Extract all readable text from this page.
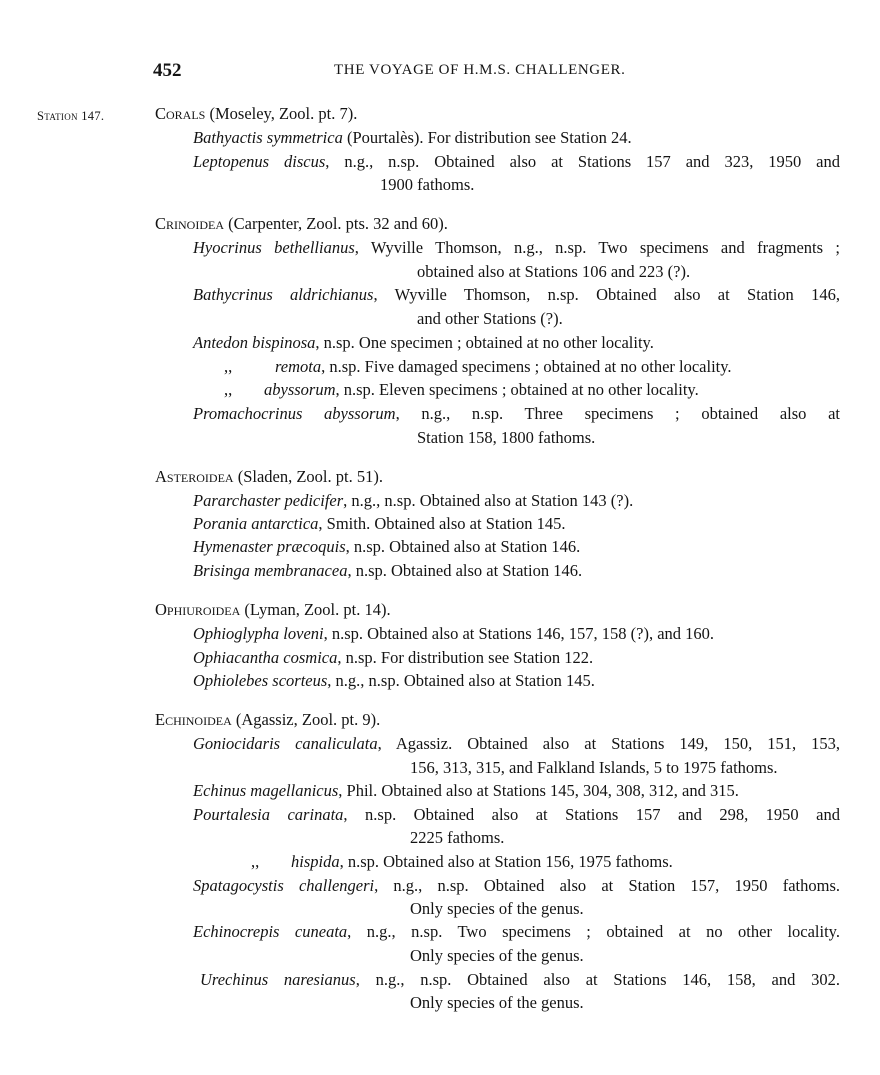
452	THE VOYAGE OF H.M.S. CHALLENGER.
Station 147.	Corals (Moseley, Zool. pt. 7).
Bathyactis symmetrica (Pourtalès). For distribution see Station 24.
Leptopenus discus, n.g., n.sp. Obtained also at Stations 157 and 323, 1950 and
1900 fathoms.
Crinoidea (Carpenter, Zool. pts. 32 and 60).
Hyocrinus bethellianus, Wyville Thomson, n.g., n.sp. Two specimens and fragments ;
obtained also at Stations 106 and 223 (?).
Bathycrinus aldrichianus, Wyville Thomson, n.sp. Obtained also at Station 146,
and other Stations (?).
Antedon bispinosa, n.sp. One specimen ; obtained at no other locality.
,,	remota, n.sp. Five damaged specimens ; obtained at no other locality.
,, abyssorum, n.sp. Eleven specimens ; obtained at no other locality.
Promachocrinus abyssorum, n.g., n.sp. Three specimens ; obtained also at
Station 158, 1800 fathoms.
Asteroidea (Sladen, Zool. pt. 51).
Pararchaster pedicifer, n.g., n.sp. Obtained also at Station 143 (?).
Porania antarctica, Smith. Obtained also at Station 145.
Hymenaster præcoquis, n.sp. Obtained also at Station 146.
Brisinga membranacea, n.sp. Obtained also at Station 146.
Ophiuroidea (Lyman, Zool. pt. 14).
Ophioglypha loveni, n.sp. Obtained also at Stations 146, 157, 158 (?), and 160.
Ophiacantha cosmica, n.sp. For distribution see Station 122.
Ophiolebes scorteus, n.g., n.sp. Obtained also at Station 145.
Echinoidea (Agassiz, Zool. pt. 9).
Goniocidaris canaliculata, Agassiz. Obtained also at Stations 149, 150, 151, 153,
156, 313, 315, and Falkland Islands, 5 to 1975 fathoms.
Echinus magellanicus, Phil. Obtained also at Stations 145, 304, 308, 312, and 315.
Pourtalesia carinata, n.sp. Obtained also at Stations 157 and 298, 1950 and
2225 fathoms.
,, hispida, n.sp. Obtained also at Station 156, 1975 fathoms.
Spatagocystis challengeri, n.g., n.sp. Obtained also at Station 157, 1950 fathoms.
Only species of the genus.
Echinocrepis cuneata, n.g., n.sp. Two specimens ; obtained at no other locality.
Only species of the genus.
Urechinus naresianus, n.g., n.sp. Obtained also at Stations 146, 158, and 302.
Only species of the genus.
